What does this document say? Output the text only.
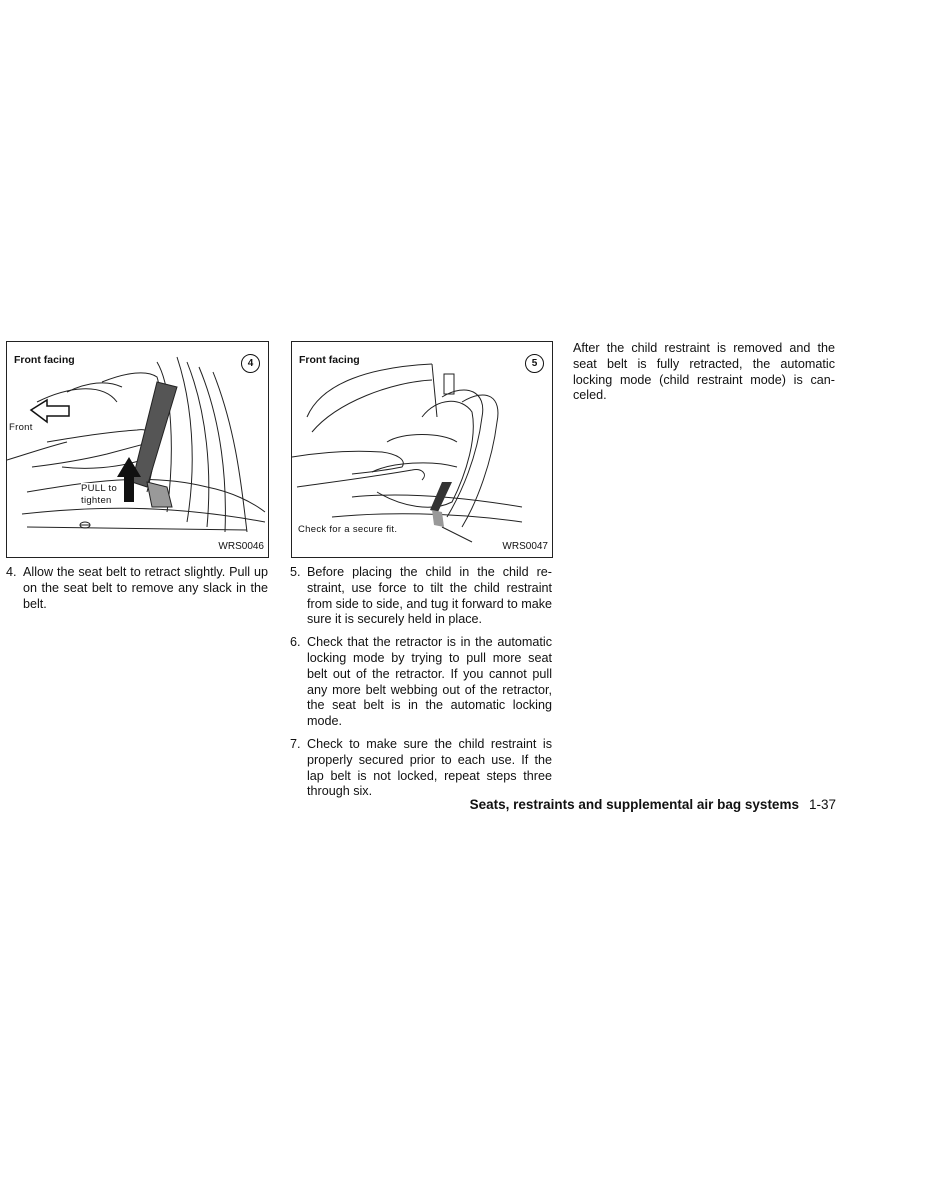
Front facing	4
Front
PULL to
tighten
WRS0046
Front facing	5
Check for a secure fit.
WRS0047
4. Allow the seat belt to retract slightly. Pull up on the seat belt to remove any slack in the belt.
5. Before placing the child in the child re-straint, use force to tilt the child restraint from side to side, and tug it forward to make sure it is securely held in place.
6. Check that the retractor is in the automatic locking mode by trying to pull more seat belt out of the retractor. If you cannot pull any more belt webbing out of the retractor, the seat belt is in the automatic locking mode.
7. Check to make sure the child restraint is properly secured prior to each use. If the lap belt is not locked, repeat steps three through six.

After the child restraint is removed and the seat belt is fully retracted, the automatic locking mode (child restraint mode) is can-celed.

Seats, restraints and supplemental air bag systems 1-37
